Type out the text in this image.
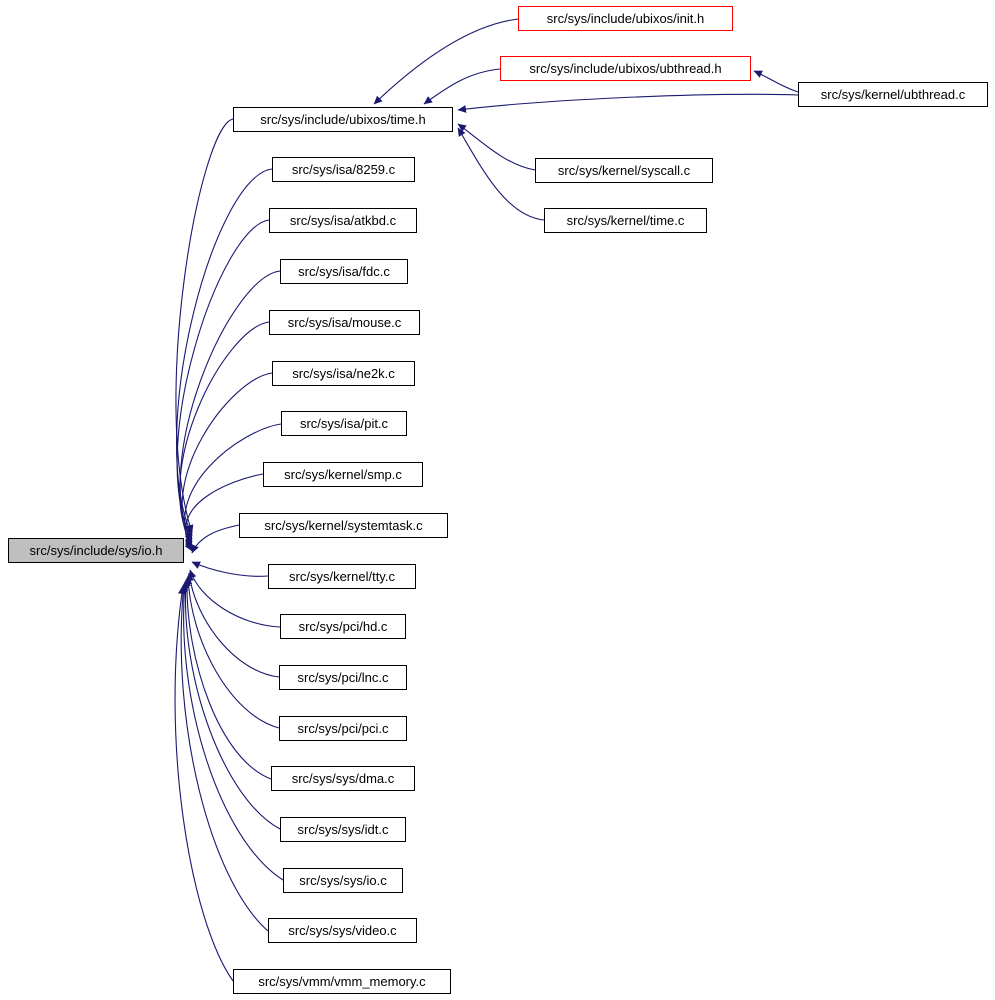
src/sys/include/sys/io.h
src/sys/include/ubixos/time.h
src/sys/include/ubixos/init.h
src/sys/include/ubixos/ubthread.h
src/sys/kernel/ubthread.c
src/sys/kernel/syscall.c
src/sys/kernel/time.c
src/sys/isa/8259.c
src/sys/isa/atkbd.c
src/sys/isa/fdc.c
src/sys/isa/mouse.c
src/sys/isa/ne2k.c
src/sys/isa/pit.c
src/sys/kernel/smp.c
src/sys/kernel/systemtask.c
src/sys/kernel/tty.c
src/sys/pci/hd.c
src/sys/pci/lnc.c
src/sys/pci/pci.c
src/sys/sys/dma.c
src/sys/sys/idt.c
src/sys/sys/io.c
src/sys/sys/video.c
src/sys/vmm/vmm_memory.c
